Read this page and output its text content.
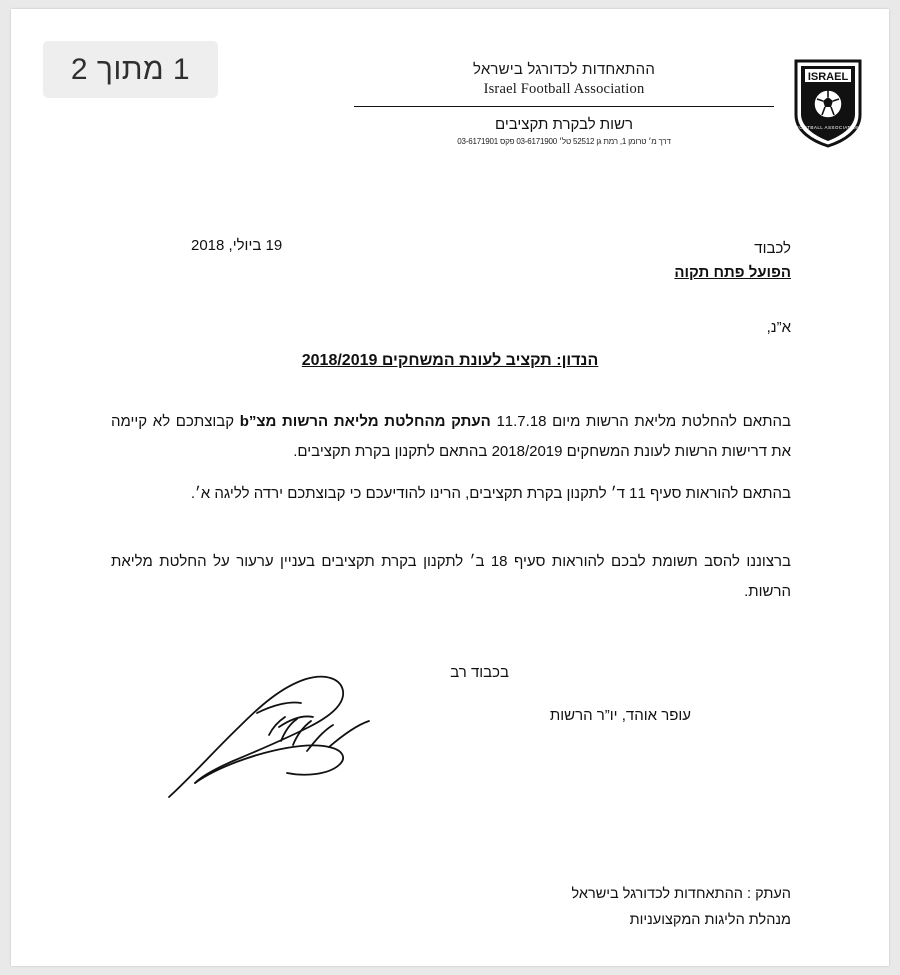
1 מתוך 2	ההתאחדות לכדורגל בישראל
Israel Football Association
רשות לבקרת תקציבים
דרך מ׳ טרומן 1, רמת גן 52512 טל׳ 03-6171900 פקס 03-6171901
ISRAEL
FOOTBALL ASSOCIATION
לכבוד
הפועל פתח תקוה
19 ביולי, 2018
א”נ,
הנדון: תקציב לעונת המשחקים 2018/2019
בהתאם להחלטת מליאת הרשות מיום 11.7.18 העתק מהחלטת מליאת הרשות מצ”b קבוצתכם לא קיימה את דרישות הרשות לעונת המשחקים 2018/2019 בהתאם לתקנון בקרת תקציבים.
בהתאם להוראות סעיף 11 ד׳ לתקנון בקרת תקציבים, הרינו להודיעכם כי קבוצתכם ירדה לליגה א׳.
ברצוננו להסב תשומת לבכם להוראות סעיף 18 ב׳ לתקנון בקרת תקציבים בעניין ערעור על החלטת מליאת הרשות.
בכבוד רב
עופר אוהד, יו”ר הרשות
העתק : ההתאחדות לכדורגל בישראל
מנהלת הליגות המקצועניות
